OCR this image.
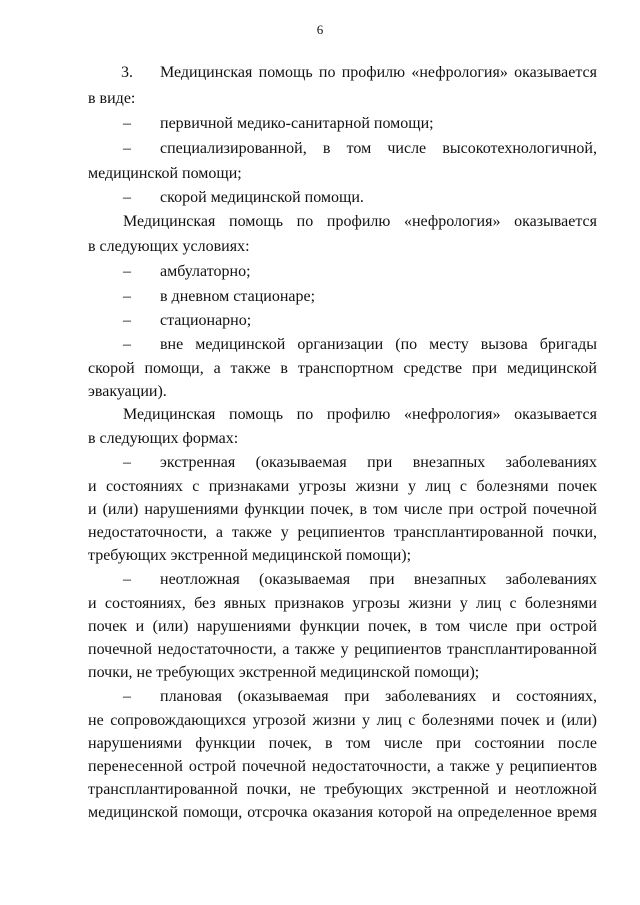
6
3. Медицинская помощь по профилю «нефрология» оказывается
в виде:
– первичной медико-санитарной помощи;
– специализированной, в том числе высокотехнологичной,
медицинской помощи;
– скорой медицинской помощи.
Медицинская помощь по профилю «нефрология» оказывается
в следующих условиях:
– амбулаторно;
– в дневном стационаре;
– стационарно;
– вне медицинской организации (по месту вызова бригады
скорой помощи, а также в транспортном средстве при медицинской
эвакуации).
Медицинская помощь по профилю «нефрология» оказывается
в следующих формах:
– экстренная (оказываемая при внезапных заболеваниях
и состояниях с признаками угрозы жизни у лиц с болезнями почек
и (или) нарушениями функции почек, в том числе при острой почечной
недостаточности, а также у реципиентов трансплантированной почки,
требующих экстренной медицинской помощи);
– неотложная (оказываемая при внезапных заболеваниях
и состояниях, без явных признаков угрозы жизни у лиц с болезнями
почек и (или) нарушениями функции почек, в том числе при острой
почечной недостаточности, а также у реципиентов трансплантированной
почки, не требующих экстренной медицинской помощи);
– плановая (оказываемая при заболеваниях и состояниях,
не сопровождающихся угрозой жизни у лиц с болезнями почек и (или)
нарушениями функции почек, в том числе при состоянии после
перенесенной острой почечной недостаточности, а также у реципиентов
трансплантированной почки, не требующих экстренной и неотложной
медицинской помощи, отсрочка оказания которой на определенное время
